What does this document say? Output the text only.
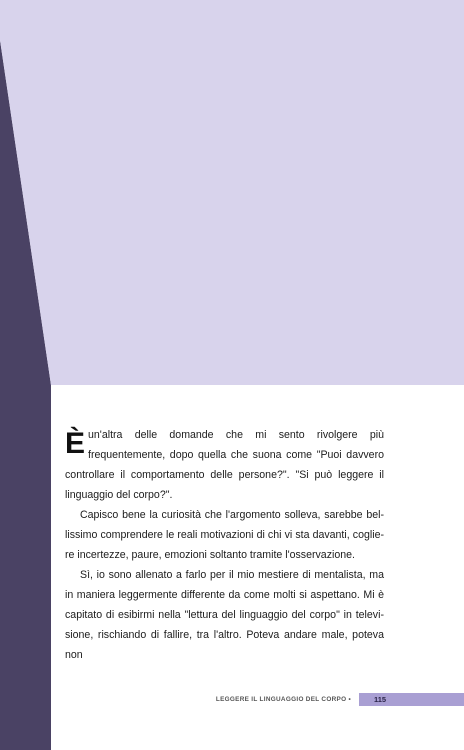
È un'altra delle domande che mi sento rivolgere più frequentemente, dopo quella che suona come "Puoi davvero controllare il comportamento delle persone?". "Si può leggere il linguaggio del corpo?".

Capisco bene la curiosità che l'argomento solleva, sarebbe bellissimo comprendere le reali motivazioni di chi vi sta davanti, cogliere incertezze, paure, emozioni soltanto tramite l'osservazione.

Sì, io sono allenato a farlo per il mio mestiere di mentalista, ma in maniera leggermente differente da come molti si aspettano. Mi è capitato di esibirmi nella "lettura del linguaggio del corpo" in televisione, rischiando di fallire, tra l'altro. Poteva andare male, poteva non

LEGGERE IL LINGUAGGIO DEL CORPO •	115
